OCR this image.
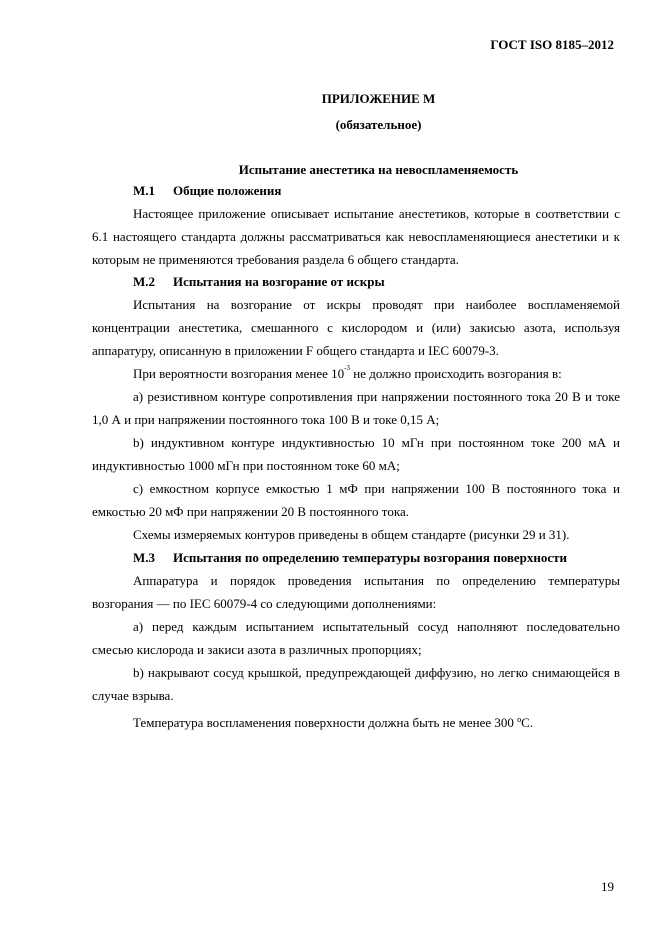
ГОСТ ISO 8185–2012
ПРИЛОЖЕНИЕ М
(обязательное)
Испытание анестетика на невоспламеняемость
М.1 Общие положения

Настоящее приложение описывает испытание анестетиков, которые в соответствии с 6.1 настоящего стандарта должны рассматриваться как невоспламеняющиеся анестетики и к которым не применяются требования раздела 6 общего стандарта.

М.2 Испытания на возгорание от искры

Испытания на возгорание от искры проводят при наиболее воспламеняемой концентрации анестетика, смешанного с кислородом и (или) закисью азота, используя аппаратуру, описанную в приложении F общего стандарта и IEC 60079-3.

При вероятности возгорания менее $10^{-3}$ не должно происходить возгорания в:

a) резистивном контуре сопротивления при напряжении постоянного тока 20 В и токе 1,0 А и при напряжении постоянного тока 100 В и токе 0,15 А;

b) индуктивном контуре индуктивностью 10 мГн при постоянном токе 200 мА и индуктивностью 1000 мГн при постоянном токе 60 мА;

c) емкостном корпусе емкостью 1 мФ при напряжении 100 В постоянного тока и емкостью 20 мФ при напряжении 20 В постоянного тока.

Схемы измеряемых контуров приведены в общем стандарте (рисунки 29 и 31).
М.3 Испытания по определению температуры возгорания поверхности

Аппаратура и порядок проведения испытания по определению температуры возгорания — по IEC 60079-4 со следующими дополнениями:

a) перед каждым испытанием испытательный сосуд наполняют последовательно смесью кислорода и закиси азота в различных пропорциях;

b) накрывают сосуд крышкой, предупреждающей диффузию, но легко снимающейся в случае взрыва.

Температура воспламенения поверхности должна быть не менее 300 ºС.
19
